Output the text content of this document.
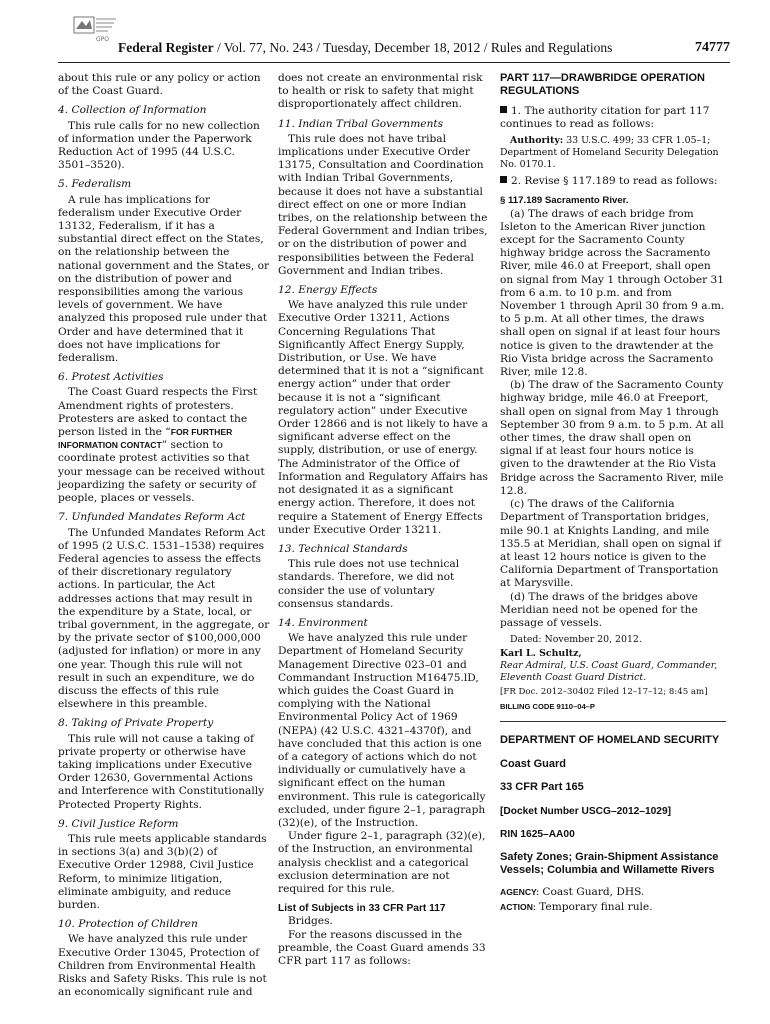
GPO
Federal Register / Vol. 77, No. 243 / Tuesday, December 18, 2012 / Rules and Regulations	74777

about this rule or any policy or action of the Coast Guard.

4. Collection of Information

This rule calls for no new collection of information under the Paperwork Reduction Act of 1995 (44 U.S.C. 3501–3520).

5. Federalism

A rule has implications for federalism under Executive Order 13132, Federalism, if it has a substantial direct effect on the States, on the relationship between the national government and the States, or on the distribution of power and responsibilities among the various levels of government. We have analyzed this proposed rule under that Order and have determined that it does not have implications for federalism.

6. Protest Activities

The Coast Guard respects the First Amendment rights of protesters. Protesters are asked to contact the person listed in the “FOR FURTHER INFORMATION CONTACT” section to coordinate protest activities so that your message can be received without jeopardizing the safety or security of people, places or vessels.

7. Unfunded Mandates Reform Act

The Unfunded Mandates Reform Act of 1995 (2 U.S.C. 1531–1538) requires Federal agencies to assess the effects of their discretionary regulatory actions. In particular, the Act addresses actions that may result in the expenditure by a State, local, or tribal government, in the aggregate, or by the private sector of $100,000,000 (adjusted for inflation) or more in any one year. Though this rule will not result in such an expenditure, we do discuss the effects of this rule elsewhere in this preamble.

8. Taking of Private Property

This rule will not cause a taking of private property or otherwise have taking implications under Executive Order 12630, Governmental Actions and Interference with Constitutionally Protected Property Rights.

9. Civil Justice Reform

This rule meets applicable standards in sections 3(a) and 3(b)(2) of Executive Order 12988, Civil Justice Reform, to minimize litigation, eliminate ambiguity, and reduce burden.

10. Protection of Children

We have analyzed this rule under Executive Order 13045, Protection of Children from Environmental Health Risks and Safety Risks. This rule is not an economically significant rule and

does not create an environmental risk to health or risk to safety that might disproportionately affect children.

11. Indian Tribal Governments

This rule does not have tribal implications under Executive Order 13175, Consultation and Coordination with Indian Tribal Governments, because it does not have a substantial direct effect on one or more Indian tribes, on the relationship between the Federal Government and Indian tribes, or on the distribution of power and responsibilities between the Federal Government and Indian tribes.

12. Energy Effects

We have analyzed this rule under Executive Order 13211, Actions Concerning Regulations That Significantly Affect Energy Supply, Distribution, or Use. We have determined that it is not a “significant energy action” under that order because it is not a “significant regulatory action” under Executive Order 12866 and is not likely to have a significant adverse effect on the supply, distribution, or use of energy. The Administrator of the Office of Information and Regulatory Affairs has not designated it as a significant energy action. Therefore, it does not require a Statement of Energy Effects under Executive Order 13211.

13. Technical Standards

This rule does not use technical standards. Therefore, we did not consider the use of voluntary consensus standards.

14. Environment

We have analyzed this rule under Department of Homeland Security Management Directive 023–01 and Commandant Instruction M16475.lD, which guides the Coast Guard in complying with the National Environmental Policy Act of 1969 (NEPA) (42 U.S.C. 4321–4370f), and have concluded that this action is one of a category of actions which do not individually or cumulatively have a significant effect on the human environment. This rule is categorically excluded, under figure 2–1, paragraph (32)(e), of the Instruction.

Under figure 2–1, paragraph (32)(e), of the Instruction, an environmental analysis checklist and a categorical exclusion determination are not required for this rule.

List of Subjects in 33 CFR Part 117

Bridges.

For the reasons discussed in the preamble, the Coast Guard amends 33 CFR part 117 as follows:

PART 117—DRAWBRIDGE OPERATION REGULATIONS

1. The authority citation for part 117 continues to read as follows:

Authority: 33 U.S.C. 499; 33 CFR 1.05–1; Department of Homeland Security Delegation No. 0170.1.

2. Revise § 117.189 to read as follows:

§ 117.189 Sacramento River.

(a) The draws of each bridge from Isleton to the American River junction except for the Sacramento County highway bridge across the Sacramento River, mile 46.0 at Freeport, shall open on signal from May 1 through October 31 from 6 a.m. to 10 p.m. and from November 1 through April 30 from 9 a.m. to 5 p.m. At all other times, the draws shall open on signal if at least four hours notice is given to the drawtender at the Rio Vista bridge across the Sacramento River, mile 12.8.

(b) The draw of the Sacramento County highway bridge, mile 46.0 at Freeport, shall open on signal from May 1 through September 30 from 9 a.m. to 5 p.m. At all other times, the draw shall open on signal if at least four hours notice is given to the drawtender at the Rio Vista Bridge across the Sacramento River, mile 12.8.

(c) The draws of the California Department of Transportation bridges, mile 90.1 at Knights Landing, and mile 135.5 at Meridian, shall open on signal if at least 12 hours notice is given to the California Department of Transportation at Marysville.

(d) The draws of the bridges above Meridian need not be opened for the passage of vessels.

Dated: November 20, 2012.

Karl L. Schultz,

Rear Admiral, U.S. Coast Guard, Commander, Eleventh Coast Guard District.

[FR Doc. 2012–30402 Filed 12–17–12; 8:45 am]

BILLING CODE 9110–04–P

DEPARTMENT OF HOMELAND SECURITY

Coast Guard

33 CFR Part 165

[Docket Number USCG–2012–1029]

RIN 1625–AA00

Safety Zones; Grain-Shipment Assistance Vessels; Columbia and Willamette Rivers

AGENCY: Coast Guard, DHS.

ACTION: Temporary final rule.
